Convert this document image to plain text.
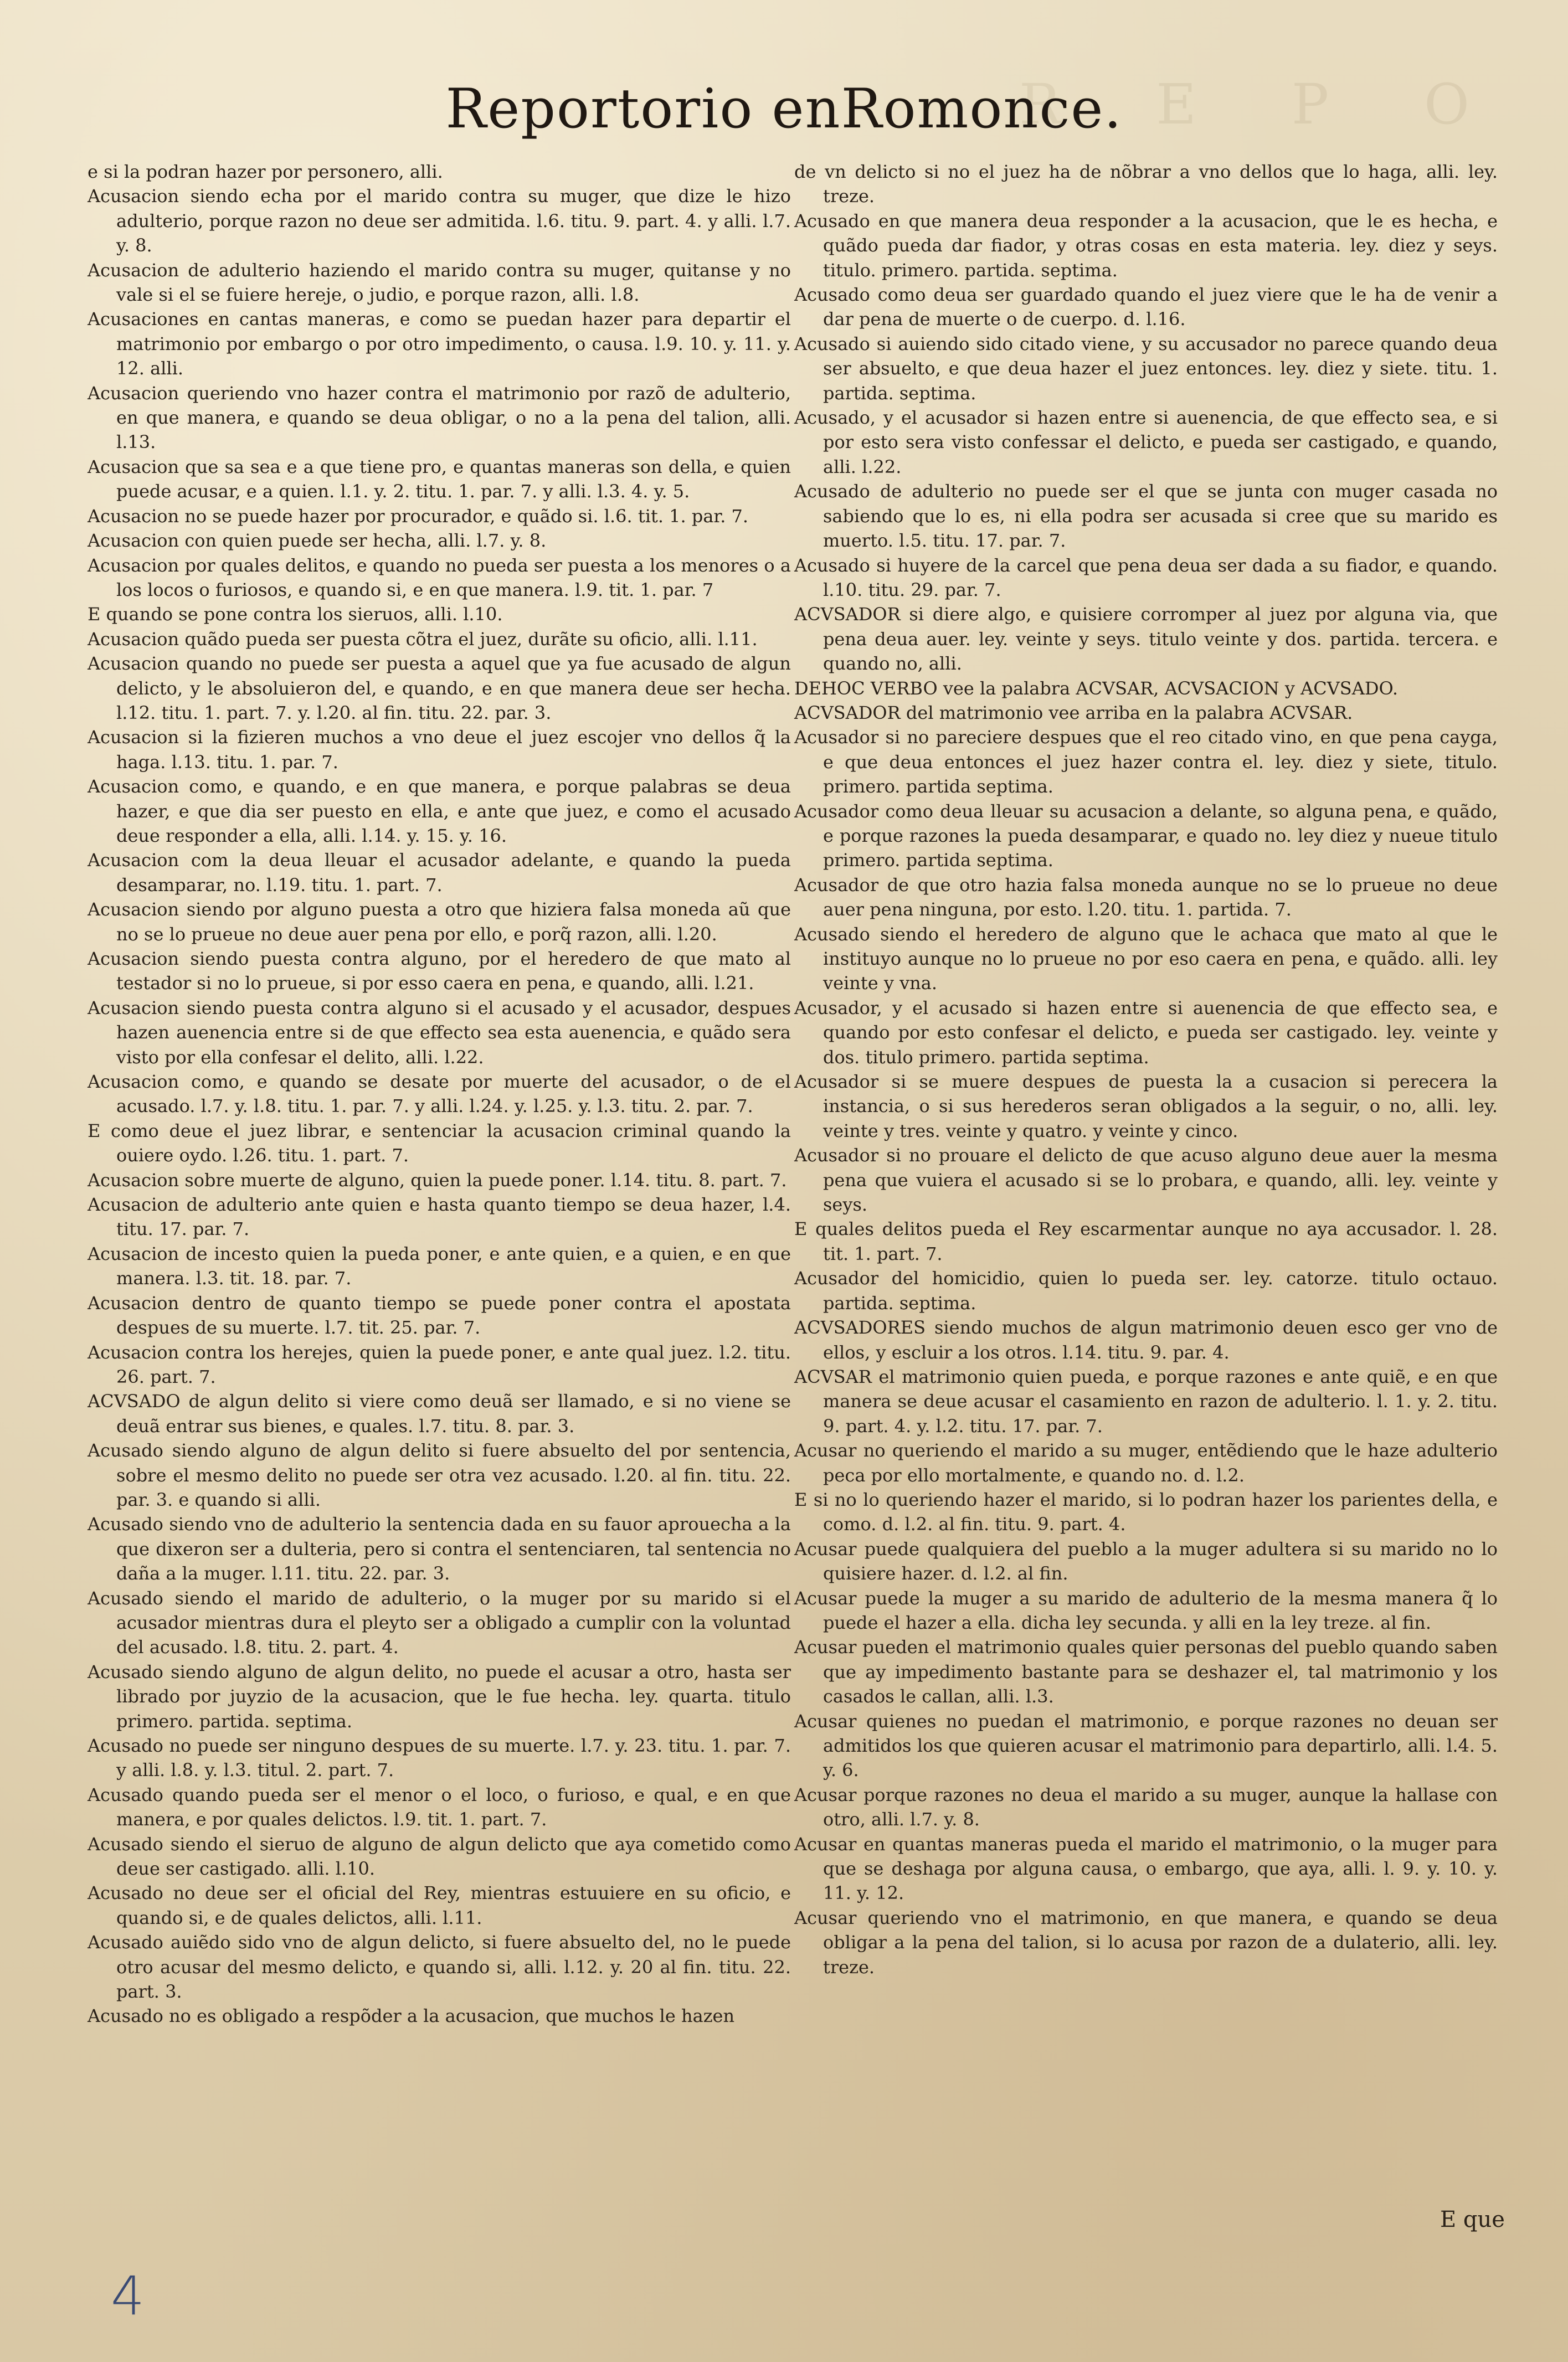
R E P O
Reportorio enRomonce.

e si la podran hazer por personero, alli.

Acusacion siendo echa por el marido contra su muger, que dize le hizo adulterio, porque razon no deue ser admitida. l.6. titu. 9. part. 4. y alli. l.7. y. 8.

Acusacion de adulterio haziendo el marido contra su muger, quitanse y no vale si el se fuiere hereje, o judio, e porque razon, alli. l.8.

Acusaciones en cantas maneras, e como se puedan hazer para departir el matrimonio por embargo o por otro impedimento, o causa. l.9. 10. y. 11. y. 12. alli.

Acusacion queriendo vno hazer contra el matrimonio por razõ de adulterio, en que manera, e quando se deua obligar, o no a la pena del talion, alli. l.13.

Acusacion que sa sea e a que tiene pro, e quantas maneras son della, e quien puede acusar, e a quien. l.1. y. 2. titu. 1. par. 7. y alli. l.3. 4. y. 5.

Acusacion no se puede hazer por procurador, e quãdo si. l.6. tit. 1. par. 7.

Acusacion con quien puede ser hecha, alli. l.7. y. 8.

Acusacion por quales delitos, e quando no pueda ser puesta a los menores o a los locos o furiosos, e quando si, e en que manera. l.9. tit. 1. par. 7

E quando se pone contra los sieruos, alli. l.10.

Acusacion quãdo pueda ser puesta cõtra el juez, durãte su oficio, alli. l.11.

Acusacion quando no puede ser puesta a aquel que ya fue acusado de algun delicto, y le absoluieron del, e quando, e en que manera deue ser hecha. l.12. titu. 1. part. 7. y. l.20. al fin. titu. 22. par. 3.

Acusacion si la fizieren muchos a vno deue el juez escojer vno dellos q̃ la haga. l.13. titu. 1. par. 7.

Acusacion como, e quando, e en que manera, e porque palabras se deua hazer, e que dia ser puesto en ella, e ante que juez, e como el acusado deue responder a ella, alli. l.14. y. 15. y. 16.

Acusacion com la deua lleuar el acusador adelante, e quando la pueda desamparar, no. l.19. titu. 1. part. 7.

Acusacion siendo por alguno puesta a otro que hiziera falsa moneda aũ que no se lo prueue no deue auer pena por ello, e porq̃ razon, alli. l.20.

Acusacion siendo puesta contra alguno, por el heredero de que mato al testador si no lo prueue, si por esso caera en pena, e quando, alli. l.21.

Acusacion siendo puesta contra alguno si el acusado y el acusador, despues hazen auenencia entre si de que effecto sea esta auenencia, e quãdo sera visto por ella confesar el delito, alli. l.22.

Acusacion como, e quando se desate por muerte del acusador, o de el acusado. l.7. y. l.8. titu. 1. par. 7. y alli. l.24. y. l.25. y. l.3. titu. 2. par. 7.

E como deue el juez librar, e sentenciar la acusacion criminal quando la ouiere oydo. l.26. titu. 1. part. 7.

Acusacion sobre muerte de alguno, quien la puede poner. l.14. titu. 8. part. 7.

Acusacion de adulterio ante quien e hasta quanto tiempo se deua hazer, l.4. titu. 17. par. 7.

Acusacion de incesto quien la pueda poner, e ante quien, e a quien, e en que manera. l.3. tit. 18. par. 7.

Acusacion dentro de quanto tiempo se puede poner contra el apostata despues de su muerte. l.7. tit. 25. par. 7.

Acusacion contra los herejes, quien la puede poner, e ante qual juez. l.2. titu. 26. part. 7.

ACVSADO de algun delito si viere como deuã ser llamado, e si no viene se deuã entrar sus bienes, e quales. l.7. titu. 8. par. 3.

Acusado siendo alguno de algun delito si fuere absuelto del por sentencia, sobre el mesmo delito no puede ser otra vez acusado. l.20. al fin. titu. 22. par. 3. e quando si alli.

Acusado siendo vno de adulterio la sentencia dada en su fauor aprouecha a la que dixeron ser a dulteria, pero si contra el sentenciaren, tal sentencia no daña a la muger. l.11. titu. 22. par. 3.

Acusado siendo el marido de adulterio, o la muger por su marido si el acusador mientras dura el pleyto ser a obligado a cumplir con la voluntad del acusado. l.8. titu. 2. part. 4.

Acusado siendo alguno de algun delito, no puede el acusar a otro, hasta ser librado por juyzio de la acusacion, que le fue hecha. ley. quarta. titulo primero. partida. septima.

Acusado no puede ser ninguno despues de su muerte. l.7. y. 23. titu. 1. par. 7. y alli. l.8. y. l.3. titul. 2. part. 7.

Acusado quando pueda ser el menor o el loco, o furioso, e qual, e en que manera, e por quales delictos. l.9. tit. 1. part. 7.

Acusado siendo el sieruo de alguno de algun delicto que aya cometido como deue ser castigado. alli. l.10.

Acusado no deue ser el oficial del Rey, mientras estuuiere en su oficio, e quando si, e de quales delictos, alli. l.11.

Acusado auiẽdo sido vno de algun delicto, si fuere absuelto del, no le puede otro acusar del mesmo delicto, e quando si, alli. l.12. y. 20 al fin. titu. 22. part. 3.

Acusado no es obligado a respõder a la acusacion, que muchos le hazen

de vn delicto si no el juez ha de nõbrar a vno dellos que lo haga, alli. ley. treze.

Acusado en que manera deua responder a la acusacion, que le es hecha, e quãdo pueda dar fiador, y otras cosas en esta materia. ley. diez y seys. titulo. primero. partida. septima.

Acusado como deua ser guardado quando el juez viere que le ha de venir a dar pena de muerte o de cuerpo. d. l.16.

Acusado si auiendo sido citado viene, y su accusador no parece quando deua ser absuelto, e que deua hazer el juez entonces. ley. diez y siete. titu. 1. partida. septima.

Acusado, y el acusador si hazen entre si auenencia, de que effecto sea, e si por esto sera visto confessar el delicto, e pueda ser castigado, e quando, alli. l.22.

Acusado de adulterio no puede ser el que se junta con muger casada no sabiendo que lo es, ni ella podra ser acusada si cree que su marido es muerto. l.5. titu. 17. par. 7.

Acusado si huyere de la carcel que pena deua ser dada a su fiador, e quando. l.10. titu. 29. par. 7.

ACVSADOR si diere algo, e quisiere corromper al juez por alguna via, que pena deua auer. ley. veinte y seys. titulo veinte y dos. partida. tercera. e quando no, alli.

DEHOC VERBO vee la palabra ACVSAR, ACVSACION y ACVSADO.

ACVSADOR del matrimonio vee arriba en la palabra ACVSAR.

Acusador si no pareciere despues que el reo citado vino, en que pena cayga, e que deua entonces el juez hazer contra el. ley. diez y siete, titulo. primero. partida septima.

Acusador como deua lleuar su acusacion a delante, so alguna pena, e quãdo, e porque razones la pueda desamparar, e quado no. ley diez y nueue titulo primero. partida septima.

Acusador de que otro hazia falsa moneda aunque no se lo prueue no deue auer pena ninguna, por esto. l.20. titu. 1. partida. 7.

Acusado siendo el heredero de alguno que le achaca que mato al que le instituyo aunque no lo prueue no por eso caera en pena, e quãdo. alli. ley veinte y vna.

Acusador, y el acusado si hazen entre si auenencia de que effecto sea, e quando por esto confesar el delicto, e pueda ser castigado. ley. veinte y dos. titulo primero. partida septima.

Acusador si se muere despues de puesta la a cusacion si perecera la instancia, o si sus herederos seran obligados a la seguir, o no, alli. ley. veinte y tres. veinte y quatro. y veinte y cinco.

Acusador si no prouare el delicto de que acuso alguno deue auer la mesma pena que vuiera el acusado si se lo probara, e quando, alli. ley. veinte y seys.

E quales delitos pueda el Rey escarmentar aunque no aya accusador. l. 28. tit. 1. part. 7.

Acusador del homicidio, quien lo pueda ser. ley. catorze. titulo octauo. partida. septima.

ACVSADORES siendo muchos de algun matrimonio deuen esco ger vno de ellos, y escluir a los otros. l.14. titu. 9. par. 4.

ACVSAR el matrimonio quien pueda, e porque razones e ante quiẽ, e en que manera se deue acusar el casamiento en razon de adulterio. l. 1. y. 2. titu. 9. part. 4. y. l.2. titu. 17. par. 7.

Acusar no queriendo el marido a su muger, entẽdiendo que le haze adulterio peca por ello mortalmente, e quando no. d. l.2.

E si no lo queriendo hazer el marido, si lo podran hazer los parientes della, e como. d. l.2. al fin. titu. 9. part. 4.

Acusar puede qualquiera del pueblo a la muger adultera si su marido no lo quisiere hazer. d. l.2. al fin.

Acusar puede la muger a su marido de adulterio de la mesma manera q̃ lo puede el hazer a ella. dicha ley secunda. y alli en la ley treze. al fin.

Acusar pueden el matrimonio quales quier personas del pueblo quando saben que ay impedimento bastante para se deshazer el, tal matrimonio y los casados le callan, alli. l.3.

Acusar quienes no puedan el matrimonio, e porque razones no deuan ser admitidos los que quieren acusar el matrimonio para departirlo, alli. l.4. 5. y. 6.

Acusar porque razones no deua el marido a su muger, aunque la hallase con otro, alli. l.7. y. 8.

Acusar en quantas maneras pueda el marido el matrimonio, o la muger para que se deshaga por alguna causa, o embargo, que aya, alli. l. 9. y. 10. y. 11. y. 12.

Acusar queriendo vno el matrimonio, en que manera, e quando se deua obligar a la pena del talion, si lo acusa por razon de a dulaterio, alli. ley. treze.

E que
4
